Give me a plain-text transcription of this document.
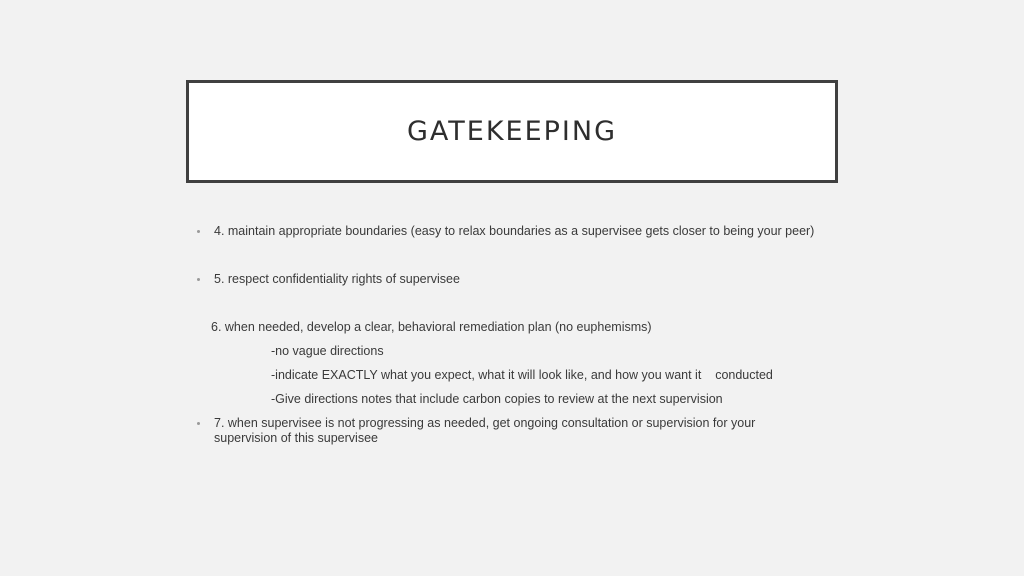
GATEKEEPING
4. maintain appropriate boundaries (easy to relax boundaries as a supervisee gets closer to being your peer)
5. respect confidentiality rights of supervisee
6. when needed, develop a clear, behavioral remediation plan (no euphemisms)
-no vague directions
-indicate EXACTLY what you expect, what it will look like, and how you want it    conducted
-Give directions notes that include carbon copies to review at the next supervision
7. when supervisee is not progressing as needed, get ongoing consultation or supervision for your supervision of this supervisee
